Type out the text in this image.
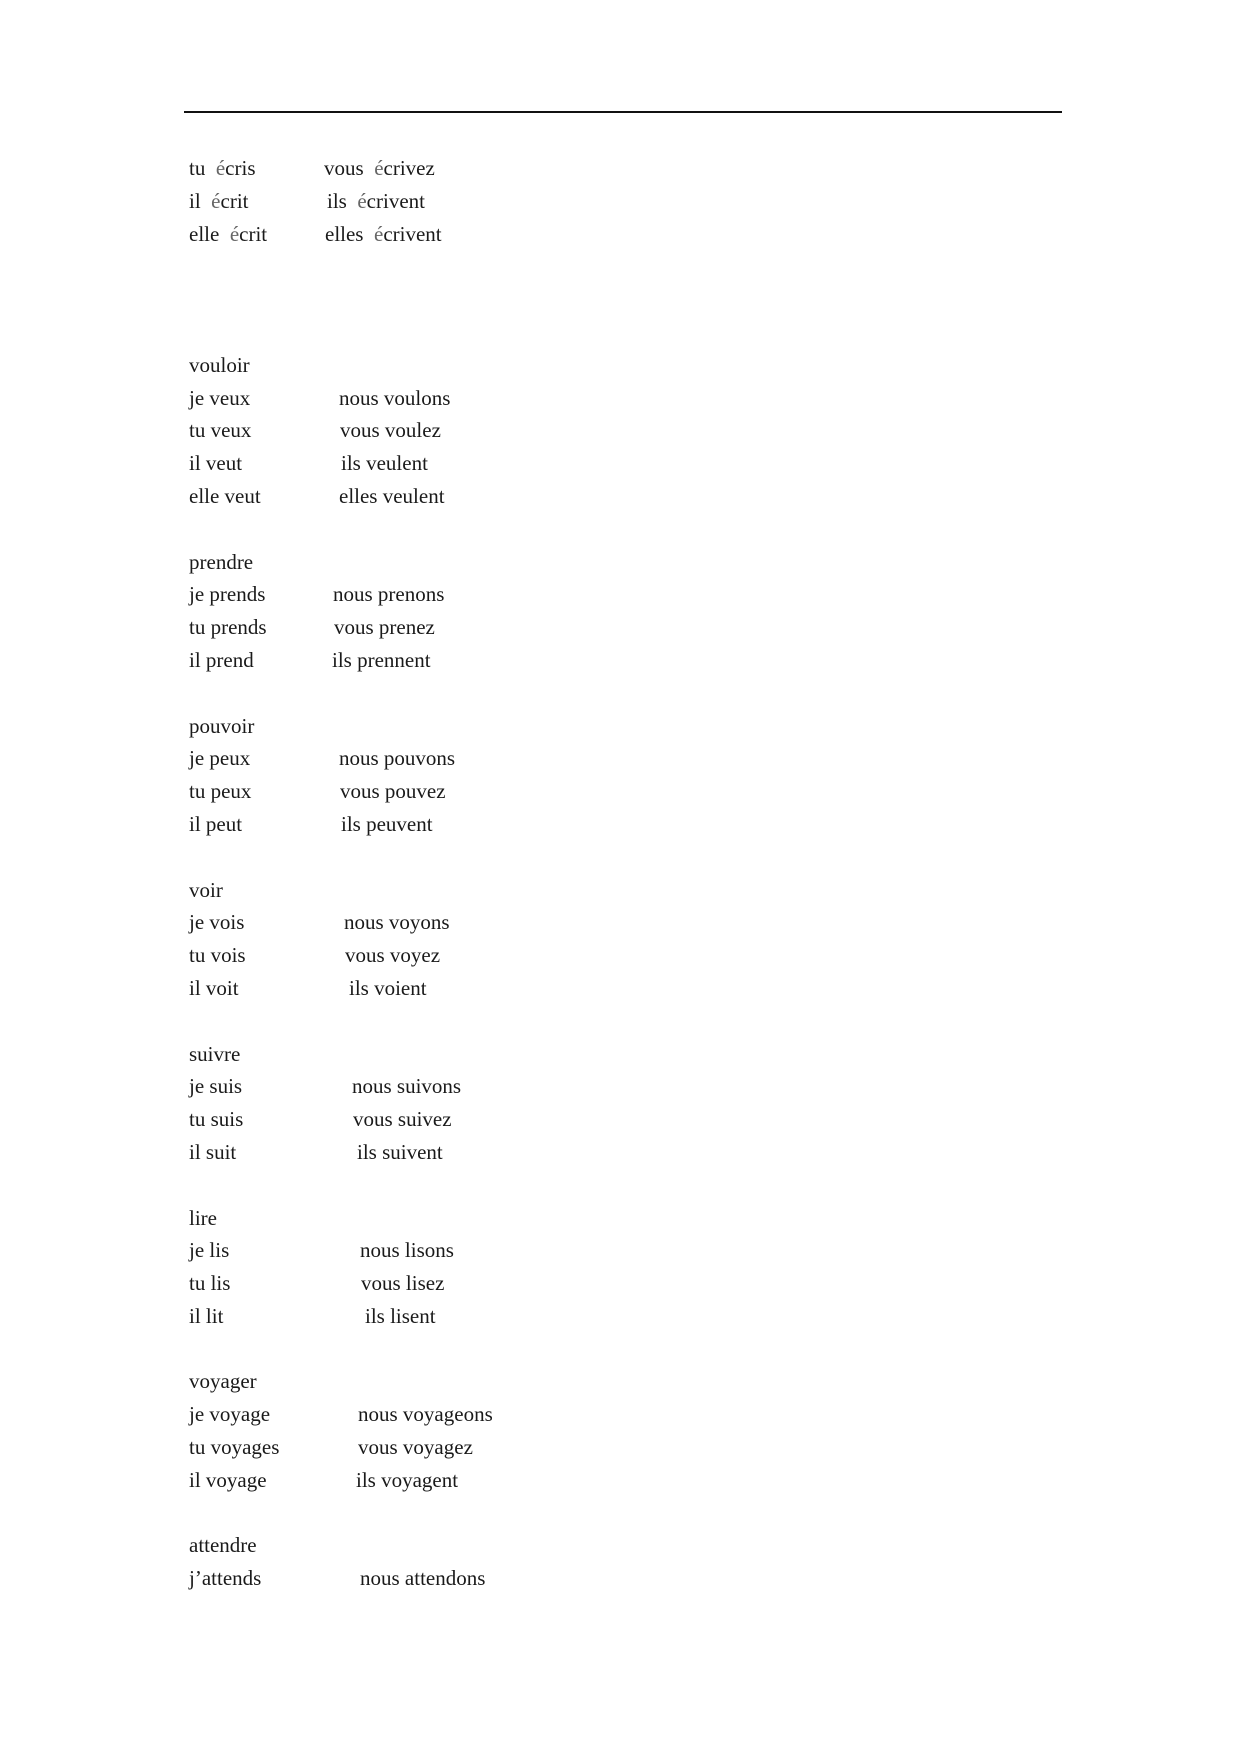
tu écris	vous écrivez
il écrit	ils écrivent
elle écrit	elles écrivent
vouloir
je veux	nous voulons
tu veux	vous voulez
il veut	ils veulent
elle veut	elles veulent
prendre
je prends	nous prenons
tu prends	vous prenez
il prend	ils prennent
pouvoir
je peux	nous pouvons
tu peux	vous pouvez
il peut	ils peuvent
voir
je vois	nous voyons
tu vois	vous voyez
il voit	ils voient
suivre
je suis	nous suivons
tu suis	vous suivez
il suit	ils suivent
lire
je lis	nous lisons
tu lis	vous lisez
il lit	ils lisent
voyager
je voyage	nous voyageons
tu voyages	vous voyagez
il voyage	ils voyagent
attendre
j’attends	nous attendons
